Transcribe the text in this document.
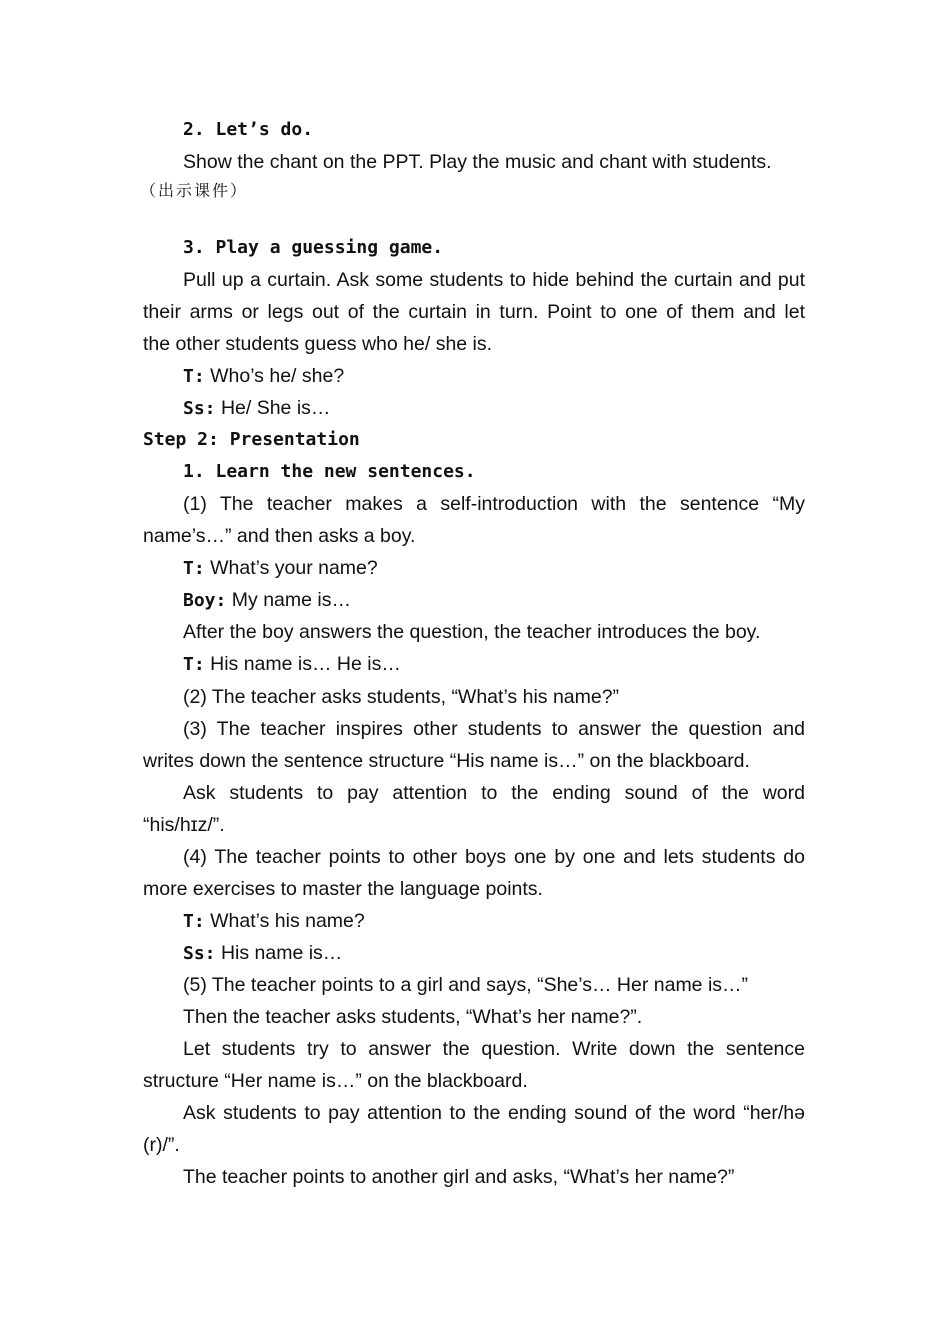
2. Let’s do.
Show the chant on the PPT. Play the music and chant with students.
（出示课件）
3. Play a guessing game.
Pull up a curtain. Ask some students to hide behind the curtain and put
their arms or legs out of the curtain in turn. Point to one of them and let
the other students guess who he/ she is.
T: Who’s he/ she?
Ss: He/ She is…
Step 2: Presentation
1. Learn the new sentences.
(1) The teacher makes a self-introduction with the sentence “My
name’s…” and then asks a boy.
T: What’s your name?
Boy: My name is…
After the boy answers the question, the teacher introduces the boy.
T: His name is… He is…
(2) The teacher asks students, “What’s his name?”
(3) The teacher inspires other students to answer the question and
writes down the sentence structure “His name is…” on the blackboard.
Ask students to pay attention to the ending sound of the word
“his/hɪz/”.
(4) The teacher points to other boys one by one and lets students do
more exercises to master the language points.
T: What’s his name?
Ss: His name is…
(5) The teacher points to a girl and says, “She’s… Her name is…”
Then the teacher asks students, “What’s her name?”.
Let students try to answer the question. Write down the sentence
structure “Her name is…” on the blackboard.
Ask students to pay attention to the ending sound of the word “her/hə
(r)/”.
The teacher points to another girl and asks, “What’s her name?”
